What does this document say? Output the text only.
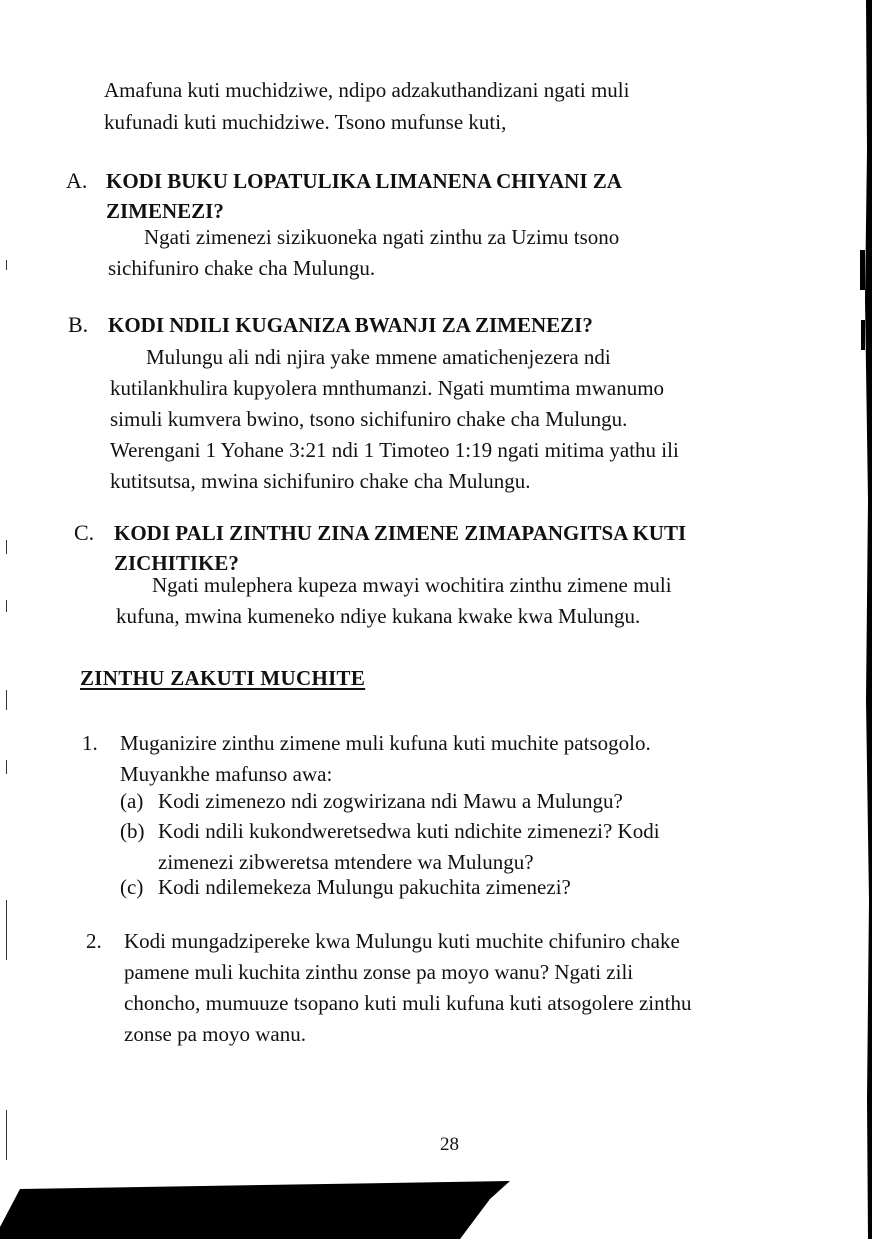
Amafuna kuti muchidziwe, ndipo adzakuthandizani ngati muli
kufunadi kuti muchidziwe. Tsono mufunse kuti,
A. KODI BUKU LOPATULIKA LIMANENA CHIYANI ZA
ZIMENEZI?
Ngati zimenezi sizikuoneka ngati zinthu za Uzimu tsono
sichifuniro chake cha Mulungu.
B. KODI NDILI KUGANIZA BWANJI ZA ZIMENEZI?
Mulungu ali ndi njira yake mmene amatichenjezera ndi
kutilankhulira kupyolera mnthumanzi. Ngati mumtima mwanumo
simuli kumvera bwino, tsono sichifuniro chake cha Mulungu.
Werengani 1 Yohane 3:21 ndi 1 Timoteo 1:19 ngati mitima yathu ili
kutitsutsa, mwina sichifuniro chake cha Mulungu.
C. KODI PALI ZINTHU ZINA ZIMENE ZIMAPANGITSA KUTI
ZICHITIKE?
Ngati mulephera kupeza mwayi wochitira zinthu zimene muli
kufuna, mwina kumeneko ndiye kukana kwake kwa Mulungu.
ZINTHU ZAKUTI MUCHITE
1. Muganizire zinthu zimene muli kufuna kuti muchite patsogolo.
Muyankhe mafunso awa:
(a) Kodi zimenezo ndi zogwirizana ndi Mawu a Mulungu?
(b) Kodi ndili kukondweretsedwa kuti ndichite zimenezi? Kodi
zimenezi zibweretsa mtendere wa Mulungu?
(c) Kodi ndilemekeza Mulungu pakuchita zimenezi?
2. Kodi mungadzipereke kwa Mulungu kuti muchite chifuniro chake
pamene muli kuchita zinthu zonse pa moyo wanu? Ngati zili
choncho, mumuuze tsopano kuti muli kufuna kuti atsogolere zinthu
zonse pa moyo wanu.
28
